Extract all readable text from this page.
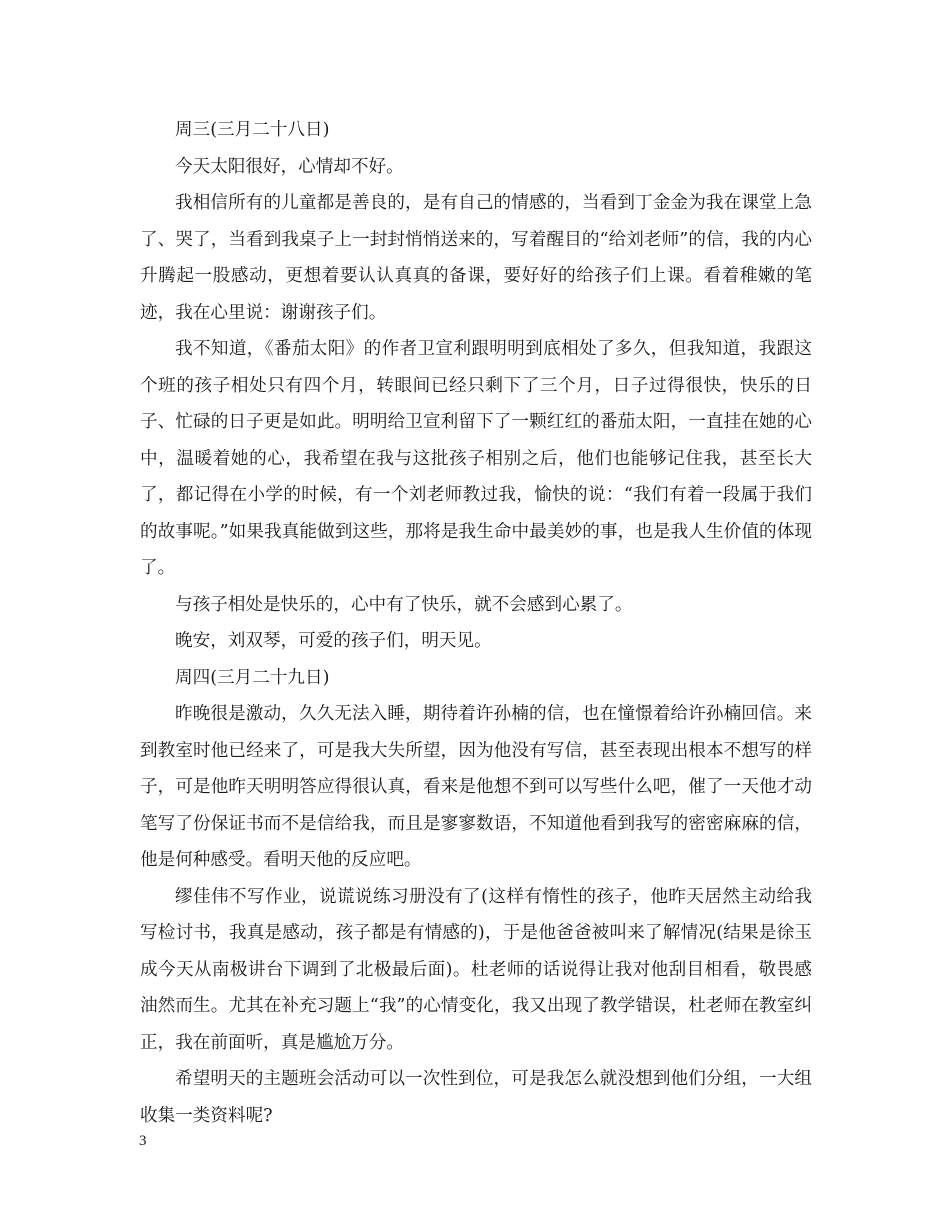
周三(三月二十八日)

今天太阳很好，心情却不好。

我相信所有的儿童都是善良的，是有自己的情感的，当看到丁金金为我在课堂上急了、哭了，当看到我桌子上一封封悄悄送来的，写着醒目的“给刘老师”的信，我的内心升腾起一股感动，更想着要认认真真的备课，要好好的给孩子们上课。看着稚嫩的笔迹，我在心里说：谢谢孩子们。

我不知道，《番茄太阳》的作者卫宣利跟明明到底相处了多久，但我知道，我跟这个班的孩子相处只有四个月，转眼间已经只剩下了三个月，日子过得很快，快乐的日子、忙碌的日子更是如此。明明给卫宣利留下了一颗红红的番茄太阳，一直挂在她的心中，温暖着她的心，我希望在我与这批孩子相别之后，他们也能够记住我，甚至长大了，都记得在小学的时候，有一个刘老师教过我，愉快的说：“我们有着一段属于我们的故事呢。”如果我真能做到这些，那将是我生命中最美妙的事，也是我人生价值的体现了。

与孩子相处是快乐的，心中有了快乐，就不会感到心累了。

晚安，刘双琴，可爱的孩子们，明天见。

周四(三月二十九日)

昨晚很是激动，久久无法入睡，期待着许孙楠的信，也在憧憬着给许孙楠回信。来到教室时他已经来了，可是我大失所望，因为他没有写信，甚至表现出根本不想写的样子，可是他昨天明明答应得很认真，看来是他想不到可以写些什么吧，催了一天他才动笔写了份保证书而不是信给我，而且是寥寥数语，不知道他看到我写的密密麻麻的信，他是何种感受。看明天他的反应吧。

缪佳伟不写作业，说谎说练习册没有了(这样有惰性的孩子，他昨天居然主动给我写检讨书，我真是感动，孩子都是有情感的)，于是他爸爸被叫来了解情况(结果是徐玉成今天从南极讲台下调到了北极最后面)。杜老师的话说得让我对他刮目相看，敬畏感油然而生。尤其在补充习题上“我”的心情变化，我又出现了教学错误，杜老师在教室纠正，我在前面听，真是尴尬万分。

希望明天的主题班会活动可以一次性到位，可是我怎么就没想到他们分组，一大组收集一类资料呢?

3
